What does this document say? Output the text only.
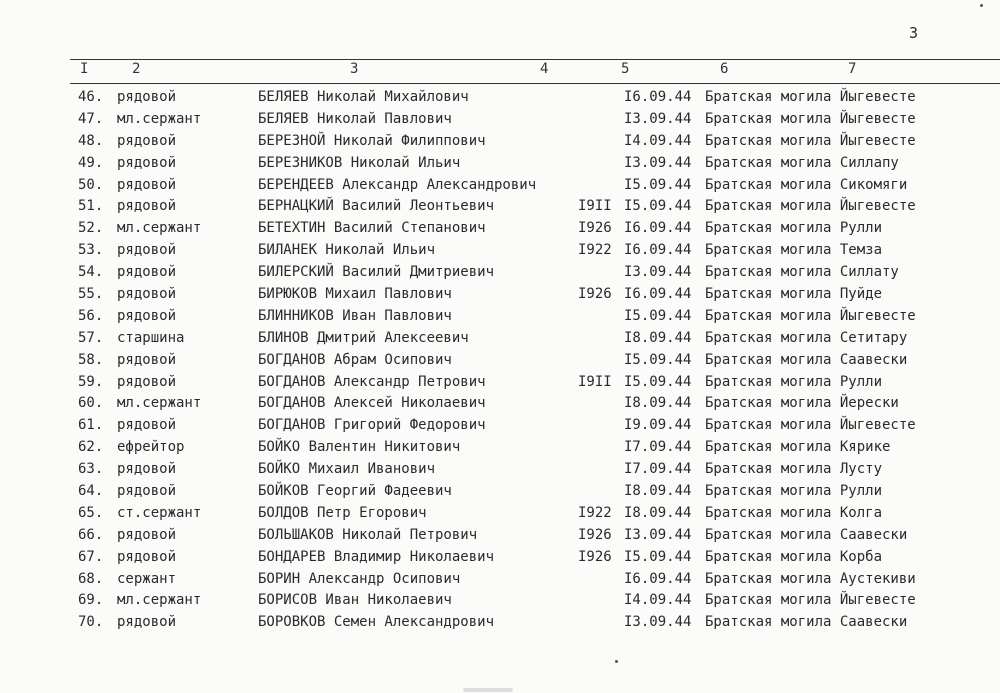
3
I	2	3	4	5	6	7
46. рядовой	БЕЛЯЕВ Николай Михайлович	I6.09.44 Братская могила Йыгевесте
47. мл.сержант	БЕЛЯЕВ Николай Павлович	I3.09.44 Братская могила Йыгевесте
48. рядовой	БЕРЕЗНОЙ Николай Филиппович	I4.09.44 Братская могила Йыгевесте
49. рядовой	БЕРЕЗНИКОВ Николай Ильич	I3.09.44 Братская могила Силлапу
50. рядовой	БЕРЕНДЕЕВ Александр Александрович	I5.09.44 Братская могила Сикомяги
51. рядовой	БЕРНАЦКИЙ Василий Леонтьевич	I9II I5.09.44 Братская могила Йыгевесте
52. мл.сержант	БЕТЕХТИН Василий Степанович	I926 I6.09.44 Братская могила Рулли
53. рядовой	БИЛАНЕК Николай Ильич	I922 I6.09.44 Братская могила Темза
54. рядовой	БИЛЕРСКИЙ Василий Дмитриевич	I3.09.44 Братская могила Силлату
55. рядовой	БИРЮКОВ Михаил Павлович	I926 I6.09.44 Братская могила Пуйде
56. рядовой	БЛИННИКОВ Иван Павлович	I5.09.44 Братская могила Йыгевесте
57. старшина	БЛИНОВ Дмитрий Алексеевич	I8.09.44 Братская могила Сетитару
58. рядовой	БОГДАНОВ Абрам Осипович	I5.09.44 Братская могила Саавески
59. рядовой	БОГДАНОВ Александр Петрович	I9II I5.09.44 Братская могила Рулли
60. мл.сержант	БОГДАНОВ Алексей Николаевич	I8.09.44 Братская могила Йерески
61. рядовой	БОГДАНОВ Григорий Федорович	I9.09.44 Братская могила Йыгевесте
62. ефрейтор	БОЙКО Валентин Никитович	I7.09.44 Братская могила Кярике
63. рядовой	БОЙКО Михаил Иванович	I7.09.44 Братская могила Лусту
64. рядовой	БОЙКОВ Георгий Фадеевич	I8.09.44 Братская могила Рулли
65. ст.сержант	БОЛДОВ Петр Егорович	I922 I8.09.44 Братская могила Колга
66. рядовой	БОЛЬШАКОВ Николай Петрович	I926 I3.09.44 Братская могила Саавески
67. рядовой	БОНДАРЕВ Владимир Николаевич	I926 I5.09.44 Братская могила Корба
68. сержант	БОРИН Александр Осипович	I6.09.44 Братская могила Аустекиви
69. мл.сержант	БОРИСОВ Иван Николаевич	I4.09.44 Братская могила Йыгевесте
70. рядовой	БОРОВКОВ Семен Александрович	I3.09.44 Братская могила Саавески
